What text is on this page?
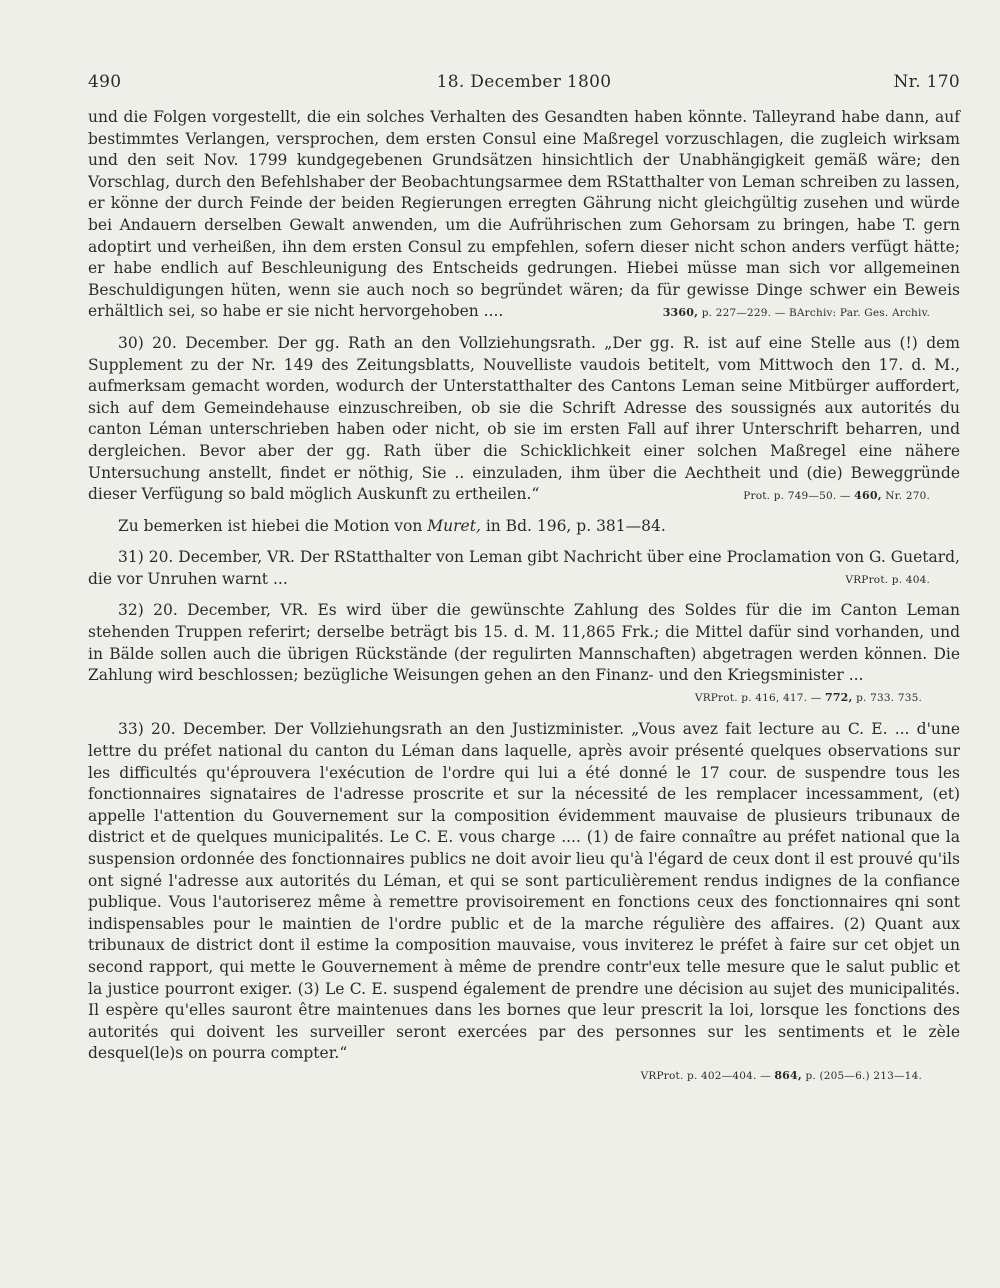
490	18. December 1800	Nr. 170

und die Folgen vorgestellt, die ein solches Verhalten des Gesandten haben könnte. Talleyrand habe dann, auf bestimmtes Verlangen, versprochen, dem ersten Consul eine Maßregel vorzuschlagen, die zugleich wirksam und den seit Nov. 1799 kundgegebenen Grundsätzen hinsichtlich der Unabhängigkeit gemäß wäre; den Vorschlag, durch den Befehlshaber der Beobachtungsarmee dem RStatthalter von Leman schreiben zu lassen, er könne der durch Feinde der beiden Regierungen erregten Gährung nicht gleichgültig zusehen und würde bei Andauern derselben Gewalt anwenden, um die Aufrührischen zum Gehorsam zu bringen, habe T. gern adoptirt und verheißen, ihn dem ersten Consul zu empfehlen, sofern dieser nicht schon anders verfügt hätte; er habe endlich auf Beschleunigung des Entscheids gedrungen. Hiebei müsse man sich vor allgemeinen Beschuldigungen hüten, wenn sie auch noch so begründet wären; da für gewisse Dinge schwer ein Beweis erhältlich sei, so habe er sie nicht hervorgehoben ....	3360, p. 227—229. — BArchiv: Par. Ges. Archiv.

30) 20. December. Der gg. Rath an den Vollziehungsrath. „Der gg. R. ist auf eine Stelle aus (!) dem Supplement zu der Nr. 149 des Zeitungsblatts, Nouvelliste vaudois betitelt, vom Mittwoch den 17. d. M., aufmerksam gemacht worden, wodurch der Unterstatthalter des Cantons Leman seine Mitbürger auffordert, sich auf dem Gemeindehause einzuschreiben, ob sie die Schrift Adresse des soussignés aux autorités du canton Léman unterschrieben haben oder nicht, ob sie im ersten Fall auf ihrer Unterschrift beharren, und dergleichen. Bevor aber der gg. Rath über die Schicklichkeit einer solchen Maßregel eine nähere Untersuchung anstellt, findet er nöthig, Sie .. einzuladen, ihm über die Aechtheit und (die) Beweggründe dieser Verfügung so bald möglich Auskunft zu ertheilen.“	Prot. p. 749—50. — 460, Nr. 270.

Zu bemerken ist hiebei die Motion von Muret, in Bd. 196, p. 381—84.

31) 20. December, VR. Der RStatthalter von Leman gibt Nachricht über eine Proclamation von G. Guetard, die vor Unruhen warnt ...	VRProt. p. 404.

32) 20. December, VR. Es wird über die gewünschte Zahlung des Soldes für die im Canton Leman stehenden Truppen referirt; derselbe beträgt bis 15. d. M. 11,865 Frk.; die Mittel dafür sind vorhanden, und in Bälde sollen auch die übrigen Rückstände (der regulirten Mannschaften) abgetragen werden können. Die Zahlung wird beschlossen; bezügliche Weisungen gehen an den Finanz- und den Kriegsminister ...

VRProt. p. 416, 417. — 772, p. 733. 735.

33) 20. December. Der Vollziehungsrath an den Justizminister. „Vous avez fait lecture au C. E. ... d'une lettre du préfet national du canton du Léman dans laquelle, après avoir présenté quelques observations sur les difficultés qu'éprouvera l'exécution de l'ordre qui lui a été donné le 17 cour. de suspendre tous les fonctionnaires signataires de l'adresse proscrite et sur la nécessité de les remplacer incessamment, (et) appelle l'attention du Gouvernement sur la composition évidemment mauvaise de plusieurs tribunaux de district et de quelques municipalités. Le C. E. vous charge .... (1) de faire connaître au préfet national que la suspension ordonnée des fonctionnaires publics ne doit avoir lieu qu'à l'égard de ceux dont il est prouvé qu'ils ont signé l'adresse aux autorités du Léman, et qui se sont particulièrement rendus indignes de la confiance publique. Vous l'autoriserez même à remettre provisoirement en fonctions ceux des fonctionnaires qni sont indispensables pour le maintien de l'ordre public et de la marche régulière des affaires. (2) Quant aux tribunaux de district dont il estime la composition mauvaise, vous inviterez le préfet à faire sur cet objet un second rapport, qui mette le Gouvernement à même de prendre contr'eux telle mesure que le salut public et la justice pourront exiger. (3) Le C. E. suspend également de prendre une décision au sujet des municipalités. Il espère qu'elles sauront être maintenues dans les bornes que leur prescrit la loi, lorsque les fonctions des autorités qui doivent les surveiller seront exercées par des personnes sur les sentiments et le zèle desquel(le)s on pourra compter.“

VRProt. p. 402—404. — 864, p. (205—6.) 213—14.
